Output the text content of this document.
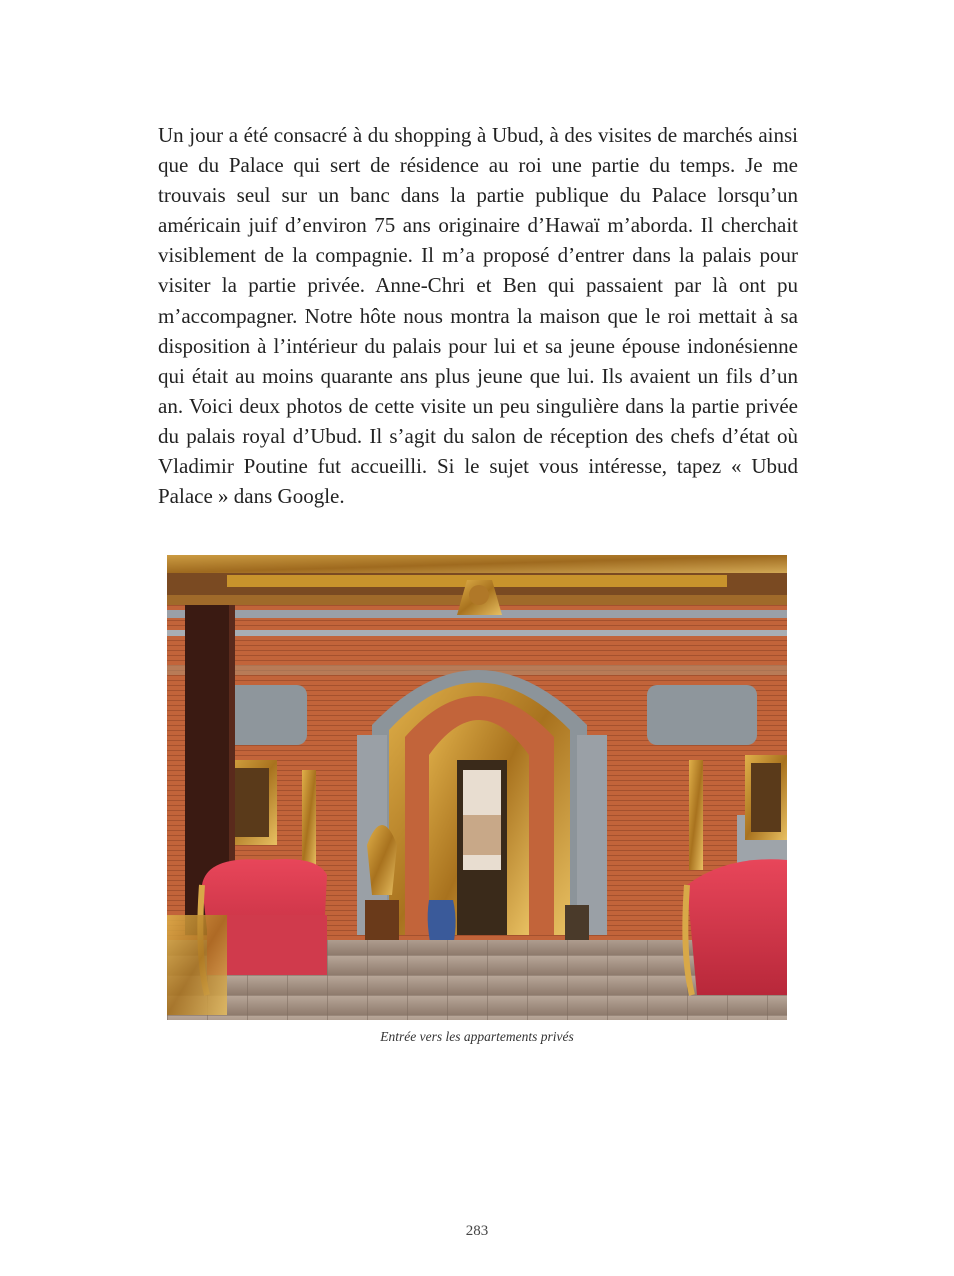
Un jour a été consacré à du shopping à Ubud, à des visites de marchés ainsi que du Palace qui sert de résidence au roi une partie du temps. Je me trouvais seul sur un banc dans la partie publique du Palace lorsqu’un américain juif d’environ 75 ans originaire d’Hawaï m’aborda. Il cherchait visiblement de la compagnie. Il m’a proposé d’entrer dans la palais pour visiter la partie privée. Anne-Chri et Ben qui passaient par là ont pu m’accompagner. Notre hôte nous montra la maison que le roi mettait à sa disposition à l’intérieur du palais pour lui et sa jeune épouse indonésienne qui était au moins quarante ans plus jeune que lui. Ils avaient un fils d’un an. Voici deux photos de cette visite un peu singulière dans la partie privée du palais royal d’Ubud. Il s’agit du salon de réception des chefs d’état où Vladimir Poutine fut accueilli. Si le sujet vous intéresse, tapez « Ubud Palace » dans Google.

Entrée vers les appartements privés
283
